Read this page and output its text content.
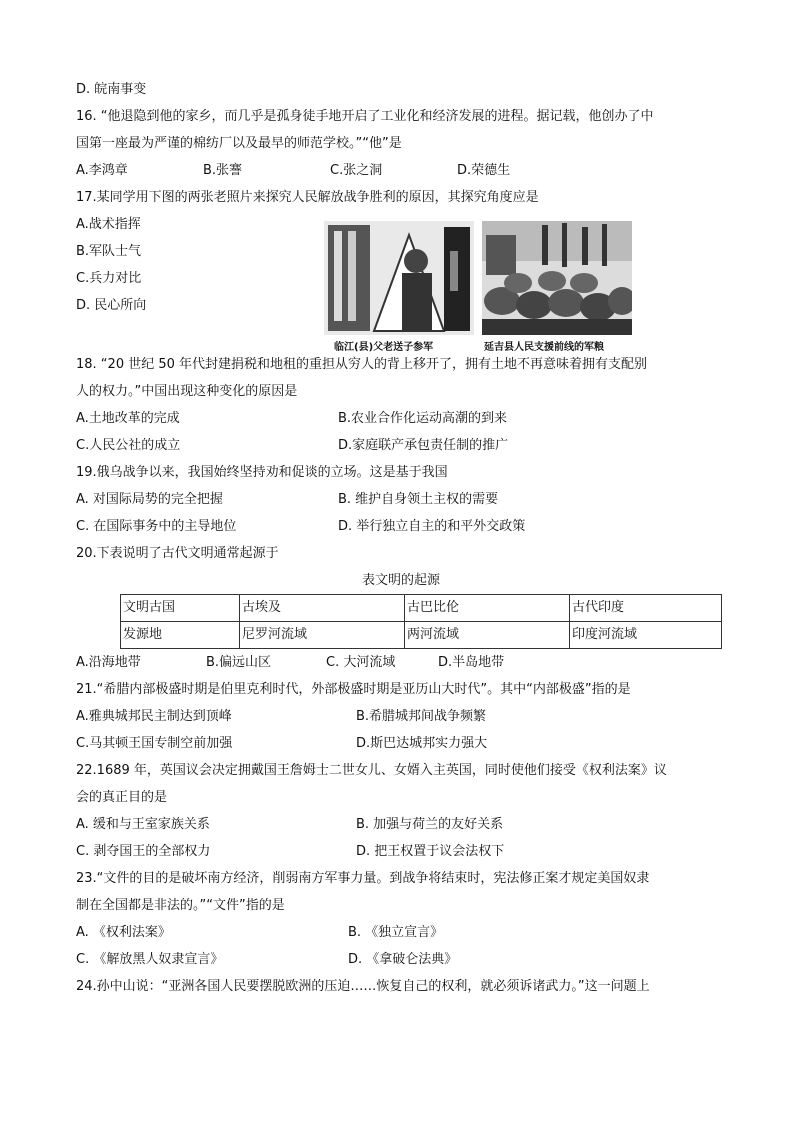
D. 皖南事变
16. “他退隐到他的家乡，而几乎是孤身徒手地开启了工业化和经济发展的进程。据记载，他创办了中
国第一座最为严谨的棉纺厂以及最早的师范学校。”“他”是
A.李鸿章	B.张謇	C.张之洞	D.荣德生
17.某同学用下图的两张老照片来探究人民解放战争胜利的原因，其探究角度应是
A.战术指挥
B.军队士气
C.兵力对比
D. 民心所向
临江(县)父老送子参军	延吉县人民支援前线的军粮
18. “20 世纪 50 年代封建捐税和地租的重担从穷人的背上移开了，拥有土地不再意味着拥有支配别
人的权力。”中国出现这种变化的原因是
A.土地改革的完成	B.农业合作化运动高潮的到来
C.人民公社的成立	D.家庭联产承包责任制的推广
19.俄乌战争以来，我国始终坚持劝和促谈的立场。这是基于我国
A. 对国际局势的完全把握	B. 维护自身领土主权的需要
C. 在国际事务中的主导地位	D. 举行独立自主的和平外交政策
20.下表说明了古代文明通常起源于
表文明的起源
文明古国	古埃及	古巴比伦	古代印度
发源地	尼罗河流域	两河流域	印度河流域
A.沿海地带	B.偏远山区	C. 大河流域	D.半岛地带
21.“希腊内部极盛时期是伯里克利时代，外部极盛时期是亚历山大时代”。其中“内部极盛”指的是
A.雅典城邦民主制达到顶峰	B.希腊城邦间战争频繁
C.马其顿王国专制空前加强	D.斯巴达城邦实力强大
22.1689 年，英国议会决定拥戴国王詹姆士二世女儿、女婿入主英国，同时使他们接受《权利法案》议
会的真正目的是
A. 缓和与王室家族关系	B. 加强与荷兰的友好关系
C. 剥夺国王的全部权力	D. 把王权置于议会法权下
23.“文件的目的是破坏南方经济，削弱南方军事力量。到战争将结束时，宪法修正案才规定美国奴隶
制在全国都是非法的。”“文件”指的是
A. 《权利法案》	B. 《独立宣言》
C. 《解放黑人奴隶宣言》	D. 《拿破仑法典》
24.孙中山说：“亚洲各国人民要摆脱欧洲的压迫……恢复自己的权利，就必须诉诸武力。”这一问题上
